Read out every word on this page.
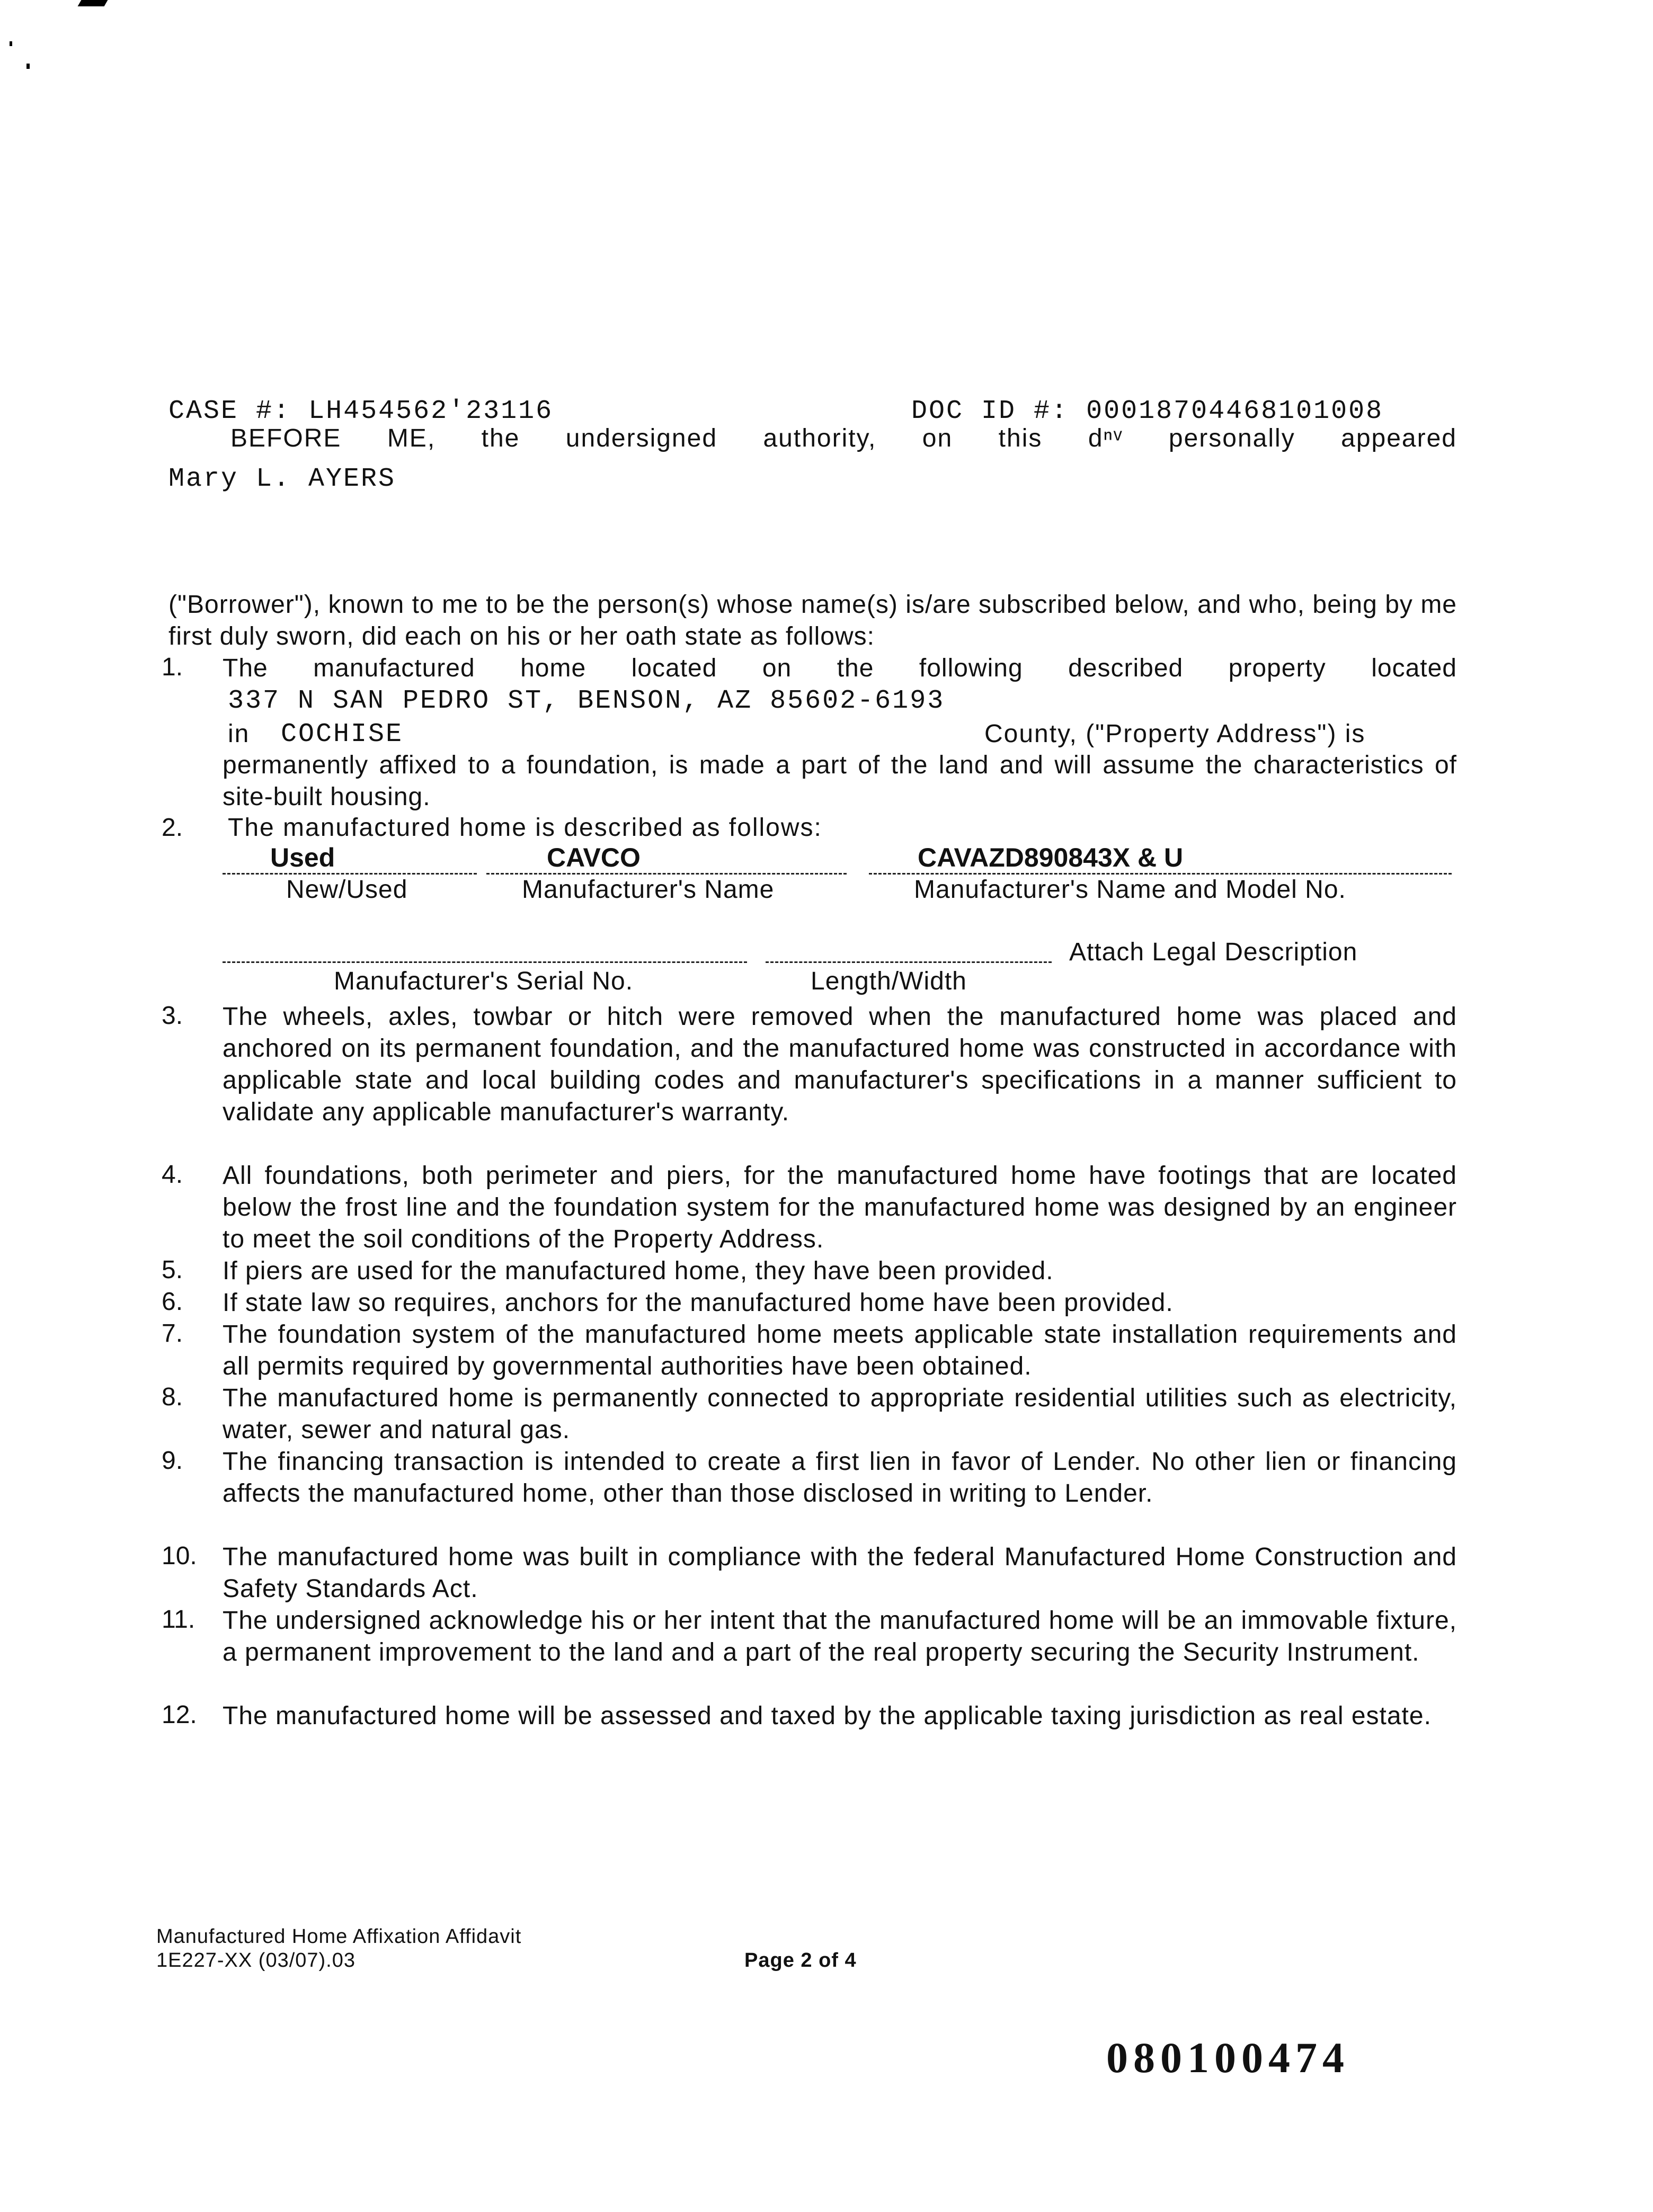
CASE #: LH454562'23116	DOC ID #: 00018704468101008
BEFORE ME, the undersigned authority, on this dⁿᵛ personally appeared
Mary L. AYERS
("Borrower"), known to me to be the person(s) whose name(s) is/are subscribed below, and who, being by me first duly sworn, did each on his or her oath state as follows:
1. The manufactured home located on the following described property located
337 N SAN PEDRO ST, BENSON, AZ 85602-6193
in COCHISE	County, ("Property Address") is
permanently affixed to a foundation, is made a part of the land and will assume the characteristics of site-built housing.
2. The manufactured home is described as follows:
Used	CAVCO	CAVAZD890843X & U
New/Used	Manufacturer's Name	Manufacturer's Name and Model No.
Attach Legal Description
Manufacturer's Serial No.	Length/Width
3. The wheels, axles, towbar or hitch were removed when the manufactured home was placed and anchored on its permanent foundation, and the manufactured home was constructed in accordance with applicable state and local building codes and manufacturer's specifications in a manner sufficient to validate any applicable manufacturer's warranty.
4. All foundations, both perimeter and piers, for the manufactured home have footings that are located below the frost line and the foundation system for the manufactured home was designed by an engineer to meet the soil conditions of the Property Address.
5. If piers are used for the manufactured home, they have been provided.
6. If state law so requires, anchors for the manufactured home have been provided.
7. The foundation system of the manufactured home meets applicable state installation requirements and all permits required by governmental authorities have been obtained.
8. The manufactured home is permanently connected to appropriate residential utilities such as electricity, water, sewer and natural gas.
9. The financing transaction is intended to create a first lien in favor of Lender. No other lien or financing affects the manufactured home, other than those disclosed in writing to Lender.
10. The manufactured home was built in compliance with the federal Manufactured Home Construction and Safety Standards Act.
11. The undersigned acknowledge his or her intent that the manufactured home will be an immovable fixture, a permanent improvement to the land and a part of the real property securing the Security Instrument.
12. The manufactured home will be assessed and taxed by the applicable taxing jurisdiction as real estate.
Manufactured Home Affixation Affidavit
1E227-XX (03/07).03	Page 2 of 4
080100474
